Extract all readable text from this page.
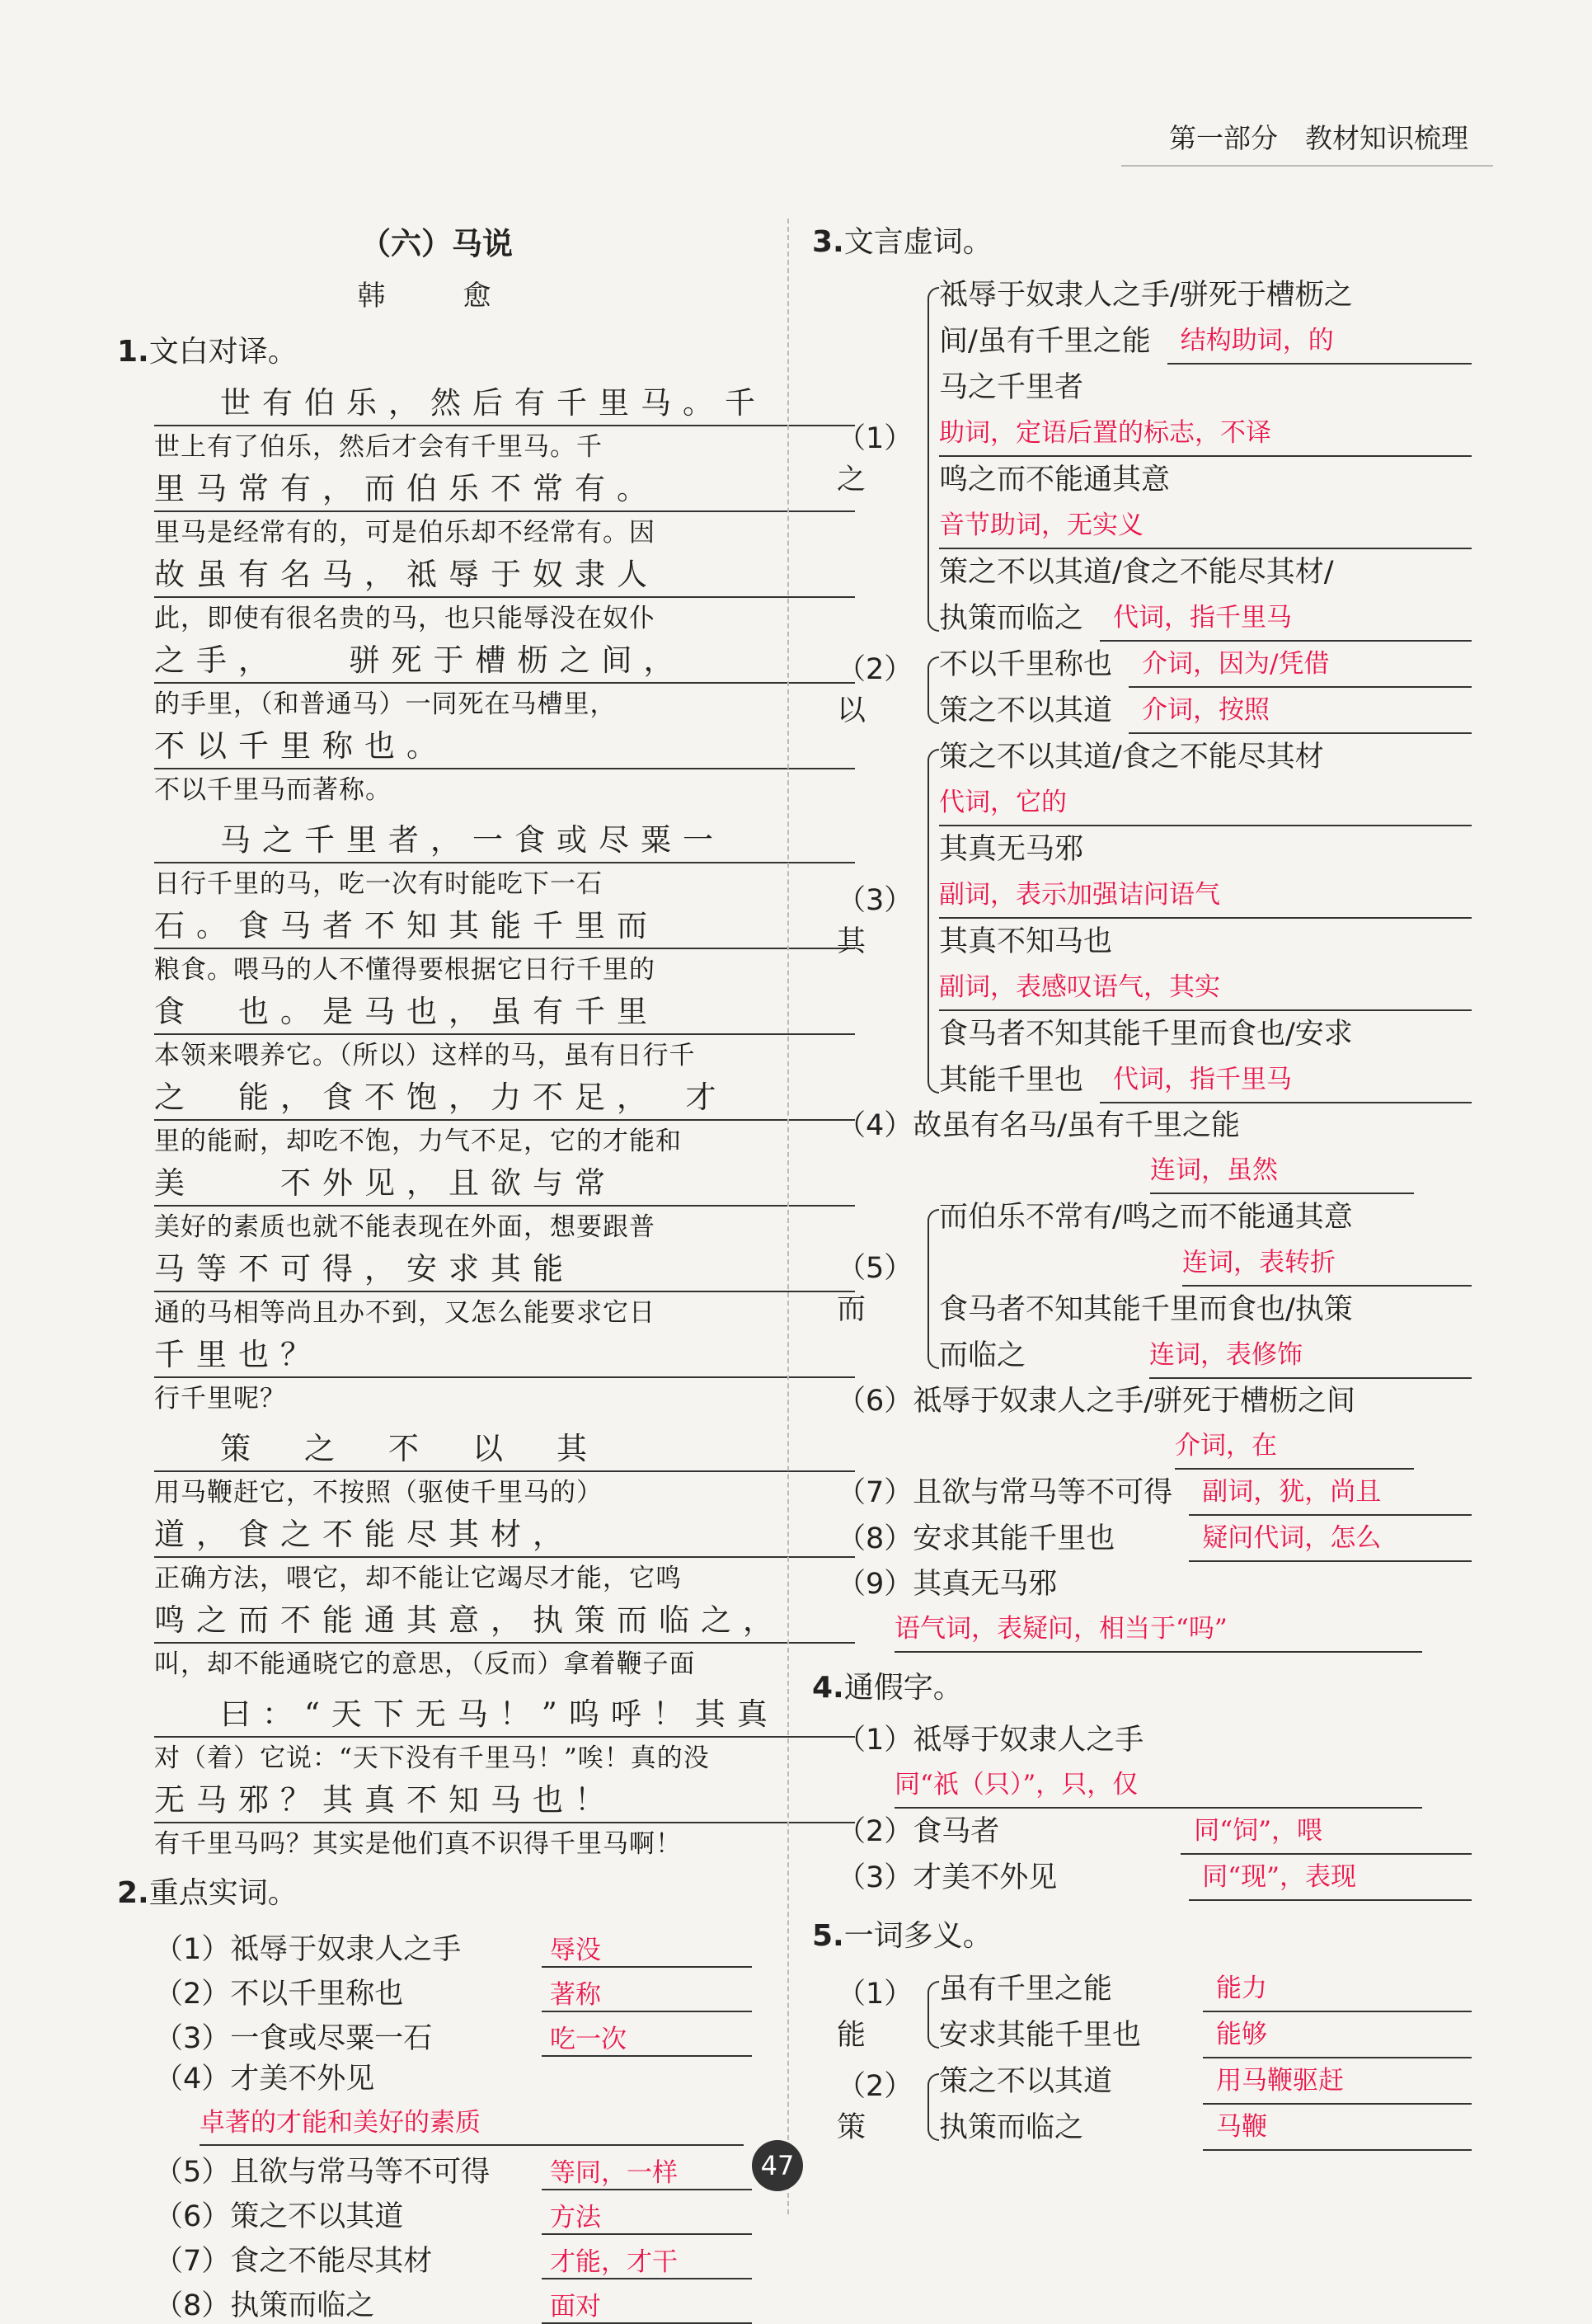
第一部分　教材知识梳理
（六）马说
韩　愈
1.文白对译。
世有伯乐，然后有千里马。千
世上有了伯乐，然后才会有千里马。千
里马常有，而伯乐不常有。
里马是经常有的，可是伯乐却不经常有。因
故虽有名马，祗辱于奴隶人
此，即使有很名贵的马，也只能辱没在奴仆
之手，　　骈死于槽枥之间，
的手里，（和普通马）一同死在马槽里，
不以千里称也。
不以千里马而著称。
马之千里者，一食或尽粟一
日行千里的马，吃一次有时能吃下一石
石。食马者不知其能千里而
粮食。喂马的人不懂得要根据它日行千里的
食　也。是马也，虽有千里
本领来喂养它。（所以）这样的马，虽有日行千
之　能，食不饱，力不足，　才
里的能耐，却吃不饱，力气不足，它的才能和
美　　不外见，且欲与常
美好的素质也就不能表现在外面，想要跟普
马等不可得，安求其能
通的马相等尚且办不到，又怎么能要求它日
千里也？
行千里呢？
策　之　不　以　其
用马鞭赶它，不按照（驱使千里马的）
道，食之不能尽其材，
正确方法，喂它，却不能让它竭尽才能，它鸣
鸣之而不能通其意，执策而临之，
叫，却不能通晓它的意思，（反而）拿着鞭子面
曰：“天下无马！”呜呼！其真
对（着）它说：“天下没有千里马！”唉！真的没
无马邪？其真不知马也！
有千里马吗？其实是他们真不识得千里马啊！
2.重点实词。
（1）祗辱于奴隶人之手	辱没
（2）不以千里称也	著称
（3）一食或尽粟一石	吃一次
（4）才美不外见
卓著的才能和美好的素质
（5）且欲与常马等不可得	等同，一样
（6）策之不以其道	方法
（7）食之不能尽其材	才能，才干
（8）执策而临之	面对
3.文言虚词。
（1）之
祗辱于奴隶人之手/骈死于槽枥之
间/虽有千里之能	结构助词，的
马之千里者
助词，定语后置的标志，不译
鸣之而不能通其意
音节助词，无实义
策之不以其道/食之不能尽其材/
执策而临之	代词，指千里马
（2）以
不以千里称也	介词，因为/凭借
策之不以其道	介词，按照
（3）其
策之不以其道/食之不能尽其材
代词，它的
其真无马邪
副词，表示加强诘问语气
其真不知马也
副词，表感叹语气，其实
食马者不知其能千里而食也/安求
其能千里也	代词，指千里马
（4）故虽有名马/虽有千里之能
连词，虽然
（5）而
而伯乐不常有/鸣之而不能通其意
连词，表转折
食马者不知其能千里而食也/执策
而临之	连词，表修饰
（6）祗辱于奴隶人之手/骈死于槽枥之间
介词，在
（7）且欲与常马等不可得	副词，犹，尚且
（8）安求其能千里也	疑问代词，怎么
（9）其真无马邪
语气词，表疑问，相当于“吗”
4.通假字。
（1）祗辱于奴隶人之手
同“祇（只）”，只，仅
（2）食马者	同“饲”，喂
（3）才美不外见	同“现”，表现
5.一词多义。
（1）能
虽有千里之能	能力
安求其能千里也	能够
（2）策
策之不以其道	用马鞭驱赶
执策而临之	马鞭
47
